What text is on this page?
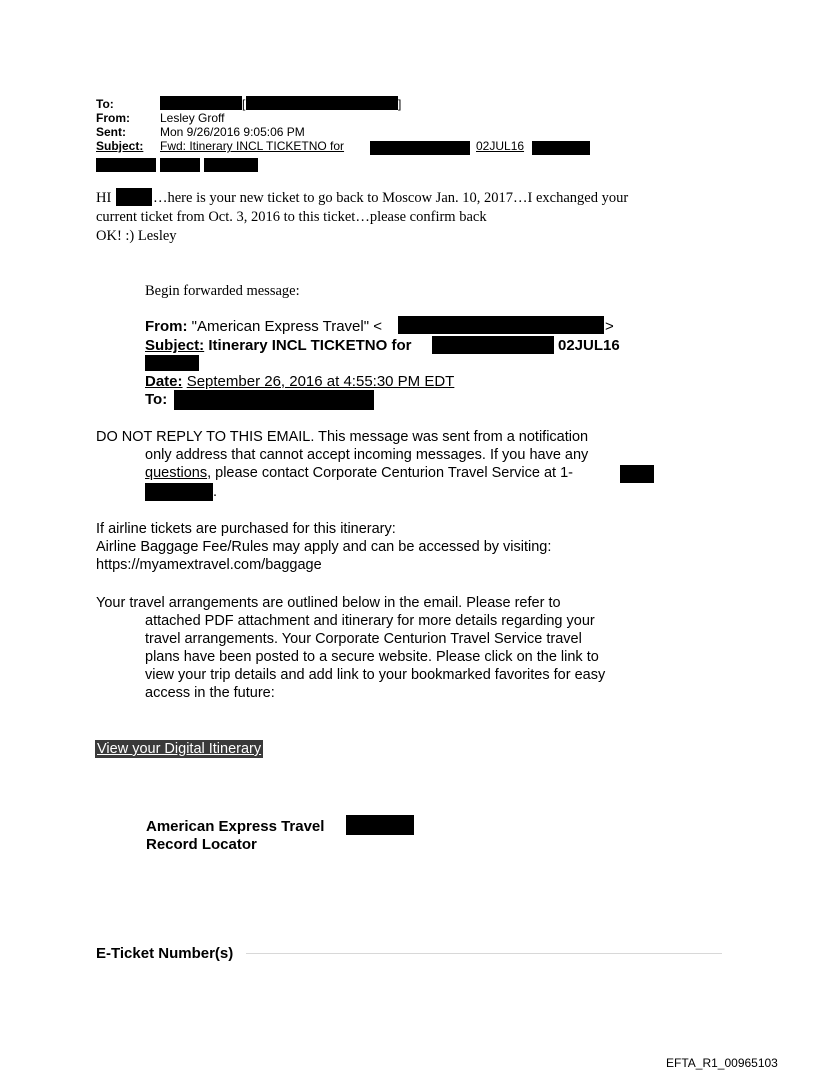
To:	[	]
From:	Lesley Groff
Sent:	Mon 9/26/2016 9:05:06 PM
Subject: Fwd: Itinerary INCL TICKETNO for	02JUL16
HI	…here is your new ticket to go back to Moscow Jan. 10, 2017…I exchanged your
current ticket from Oct. 3, 2016 to this ticket…please confirm back
OK! :) Lesley
Begin forwarded message:
From: "American Express Travel" <	>
Subject: Itinerary INCL TICKETNO for	02JUL16
Date: September 26, 2016 at 4:55:30 PM EDT
To:
DO NOT REPLY TO THIS EMAIL. This message was sent from a notification
only address that cannot accept incoming messages. If you have any
questions, please contact Corporate Centurion Travel Service at 1-
.
If airline tickets are purchased for this itinerary:
Airline Baggage Fee/Rules may apply and can be accessed by visiting:
https://myamextravel.com/baggage
Your travel arrangements are outlined below in the email. Please refer to
attached PDF attachment and itinerary for more details regarding your
travel arrangements. Your Corporate Centurion Travel Service travel
plans have been posted to a secure website. Please click on the link to
view your trip details and add link to your bookmarked favorites for easy
access in the future:
View your Digital Itinerary
American Express Travel
Record Locator
E-Ticket Number(s)
EFTA_R1_00965103
